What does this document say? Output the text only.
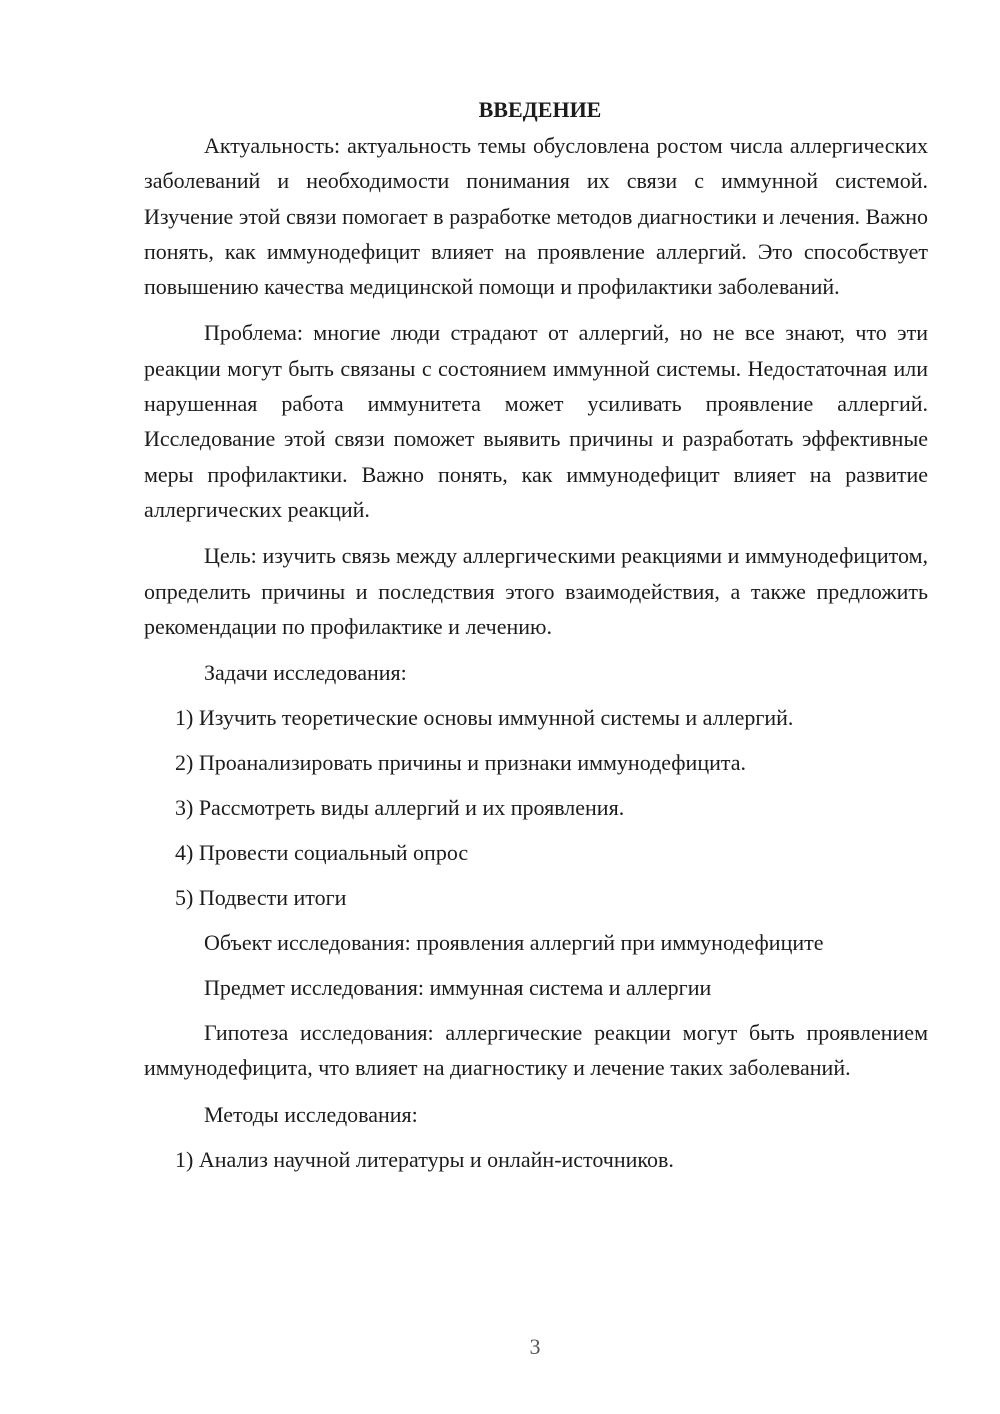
ВВЕДЕНИЕ

Актуальность: актуальность темы обусловлена ростом числа аллергических заболеваний и необходимости понимания их связи с иммунной системой. Изучение этой связи помогает в разработке методов диагностики и лечения. Важно понять, как иммунодефицит влияет на проявление аллергий. Это способствует повышению качества медицинской помощи и профилактики заболеваний.

Проблема: многие люди страдают от аллергий, но не все знают, что эти реакции могут быть связаны с состоянием иммунной системы. Недостаточная или нарушенная работа иммунитета может усиливать проявление аллергий. Исследование этой связи поможет выявить причины и разработать эффективные меры профилактики. Важно понять, как иммунодефицит влияет на развитие аллергических реакций.

Цель: изучить связь между аллергическими реакциями и иммунодефицитом, определить причины и последствия этого взаимодействия, а также предложить рекомендации по профилактике и лечению.

Задачи исследования:

1) Изучить теоретические основы иммунной системы и аллергий.
2) Проанализировать причины и признаки иммунодефицита.
3) Рассмотреть виды аллергий и их проявления.
4) Провести социальный опрос
5) Подвести итоги

Объект исследования: проявления аллергий при иммунодефиците

Предмет исследования: иммунная система и аллергии

Гипотеза исследования: аллергические реакции могут быть проявлением иммунодефицита, что влияет на диагностику и лечение таких заболеваний.

Методы исследования:

1) Анализ научной литературы и онлайн-источников.
3
